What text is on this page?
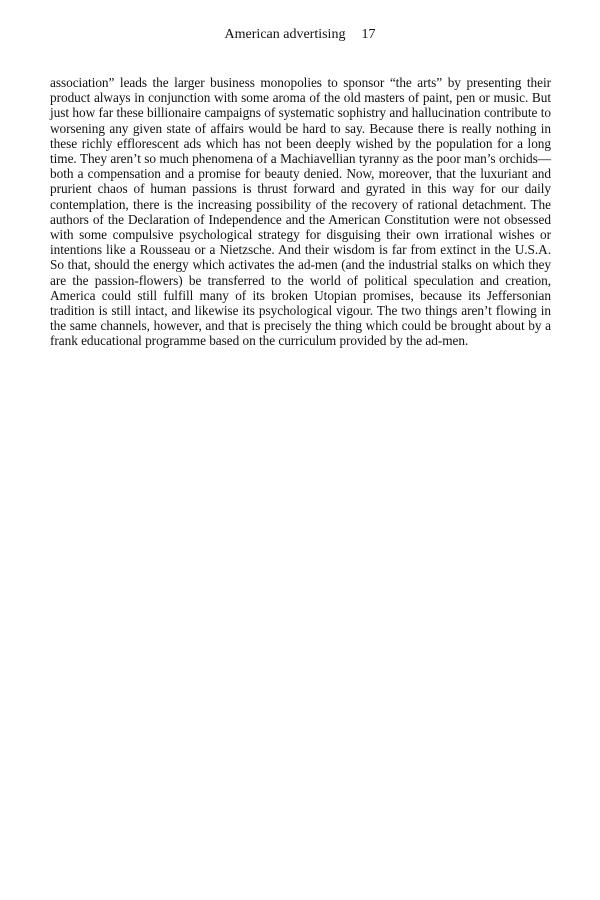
American advertising 17

association” leads the larger business monopolies to sponsor “the arts” by presenting their product always in conjunction with some aroma of the old masters of paint, pen or music. But just how far these billionaire campaigns of systematic sophistry and hallucination contribute to worsening any given state of affairs would be hard to say. Because there is really nothing in these richly efflorescent ads which has not been deeply wished by the population for a long time. They aren’t so much phenomena of a Machiavellian tyranny as the poor man’s orchids—both a compensation and a promise for beauty denied. Now, moreover, that the luxuriant and prurient chaos of human passions is thrust forward and gyrated in this way for our daily contemplation, there is the increasing possibility of the recovery of rational detachment. The authors of the Declaration of Independence and the American Constitution were not obsessed with some compulsive psychological strategy for disguising their own irrational wishes or intentions like a Rousseau or a Nietzsche. And their wisdom is far from extinct in the U.S.A. So that, should the energy which activates the ad-men (and the industrial stalks on which they are the passion-flowers) be transferred to the world of political speculation and creation, America could still fulfill many of its broken Utopian promises, because its Jeffersonian tradition is still intact, and likewise its psychological vigour. The two things aren’t flowing in the same channels, however, and that is precisely the thing which could be brought about by a frank educational programme based on the curriculum provided by the ad-men.
